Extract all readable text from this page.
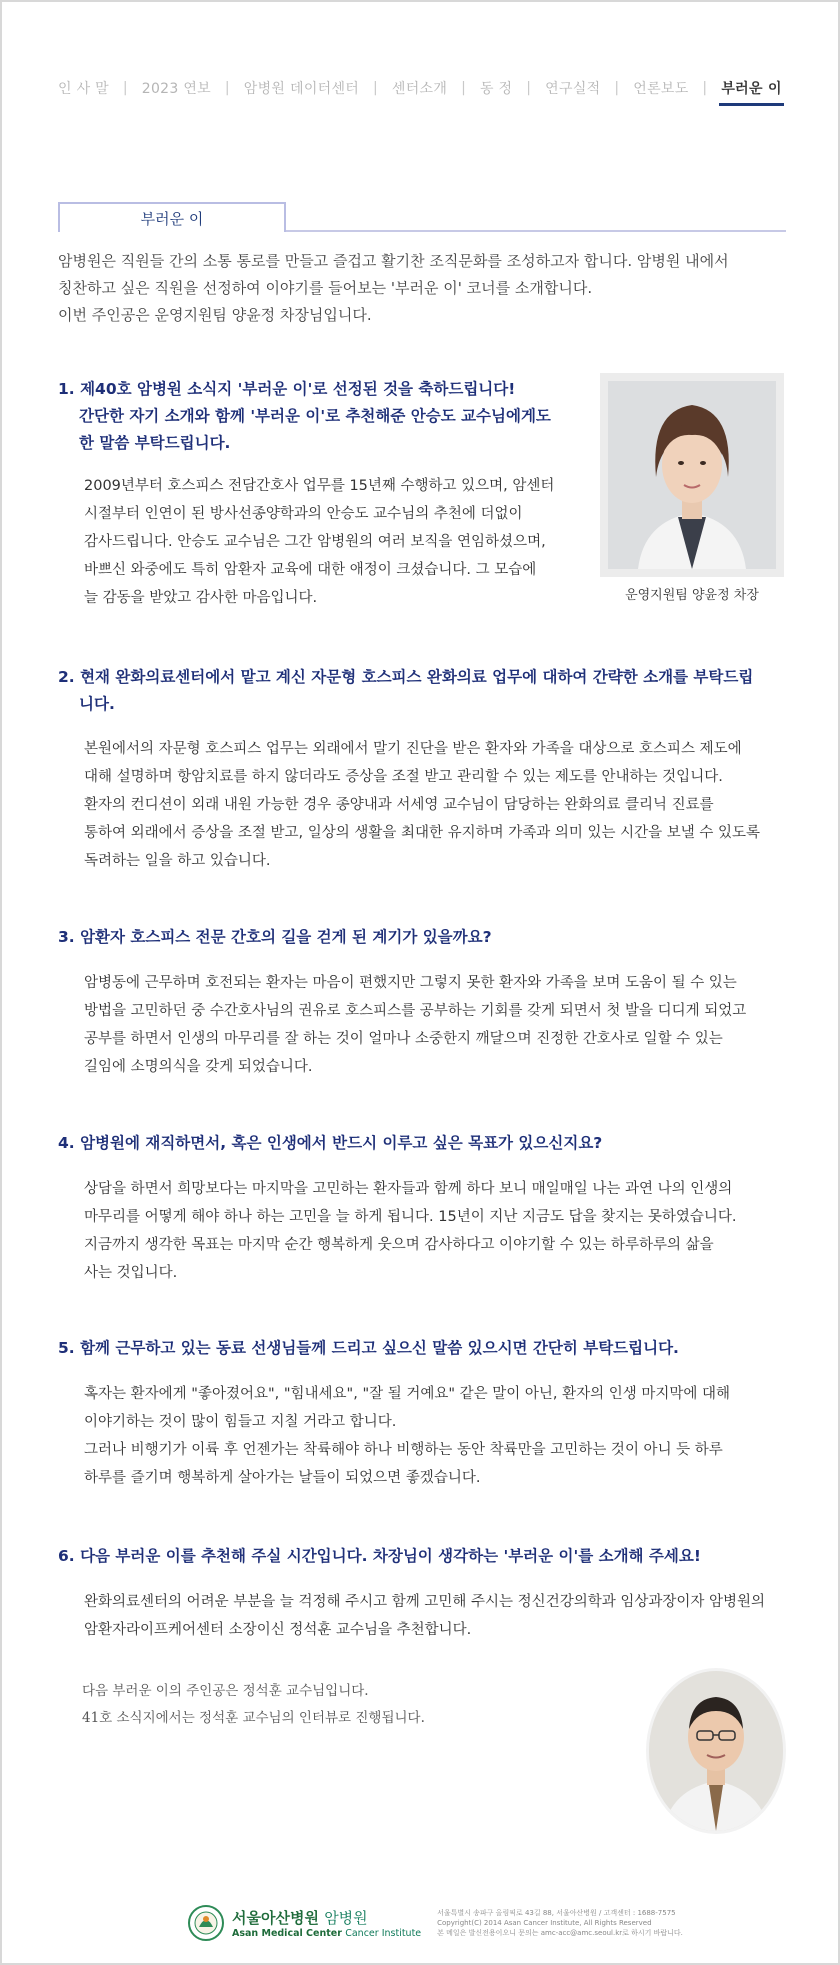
인 사 말 | 2023 연보 | 암병원 데이터센터 | 센터소개 | 동 정 | 연구실적 | 언론보도 | 부러운 이
부러운 이
암병원은 직원들 간의 소통 통로를 만들고 즐겁고 활기찬 조직문화를 조성하고자 합니다. 암병원 내에서
칭찬하고 싶은 직원을 선정하여 이야기를 들어보는 '부러운 이' 코너를 소개합니다.
이번 주인공은 운영지원팀 양윤정 차장님입니다.
1. 제40호 암병원 소식지 '부러운 이'로 선정된 것을 축하드립니다!
간단한 자기 소개와 함께 '부러운 이'로 추천해준 안승도 교수님에게도
한 말씀 부탁드립니다.
2009년부터 호스피스 전담간호사 업무를 15년째 수행하고 있으며, 암센터
시절부터 인연이 된 방사선종양학과의 안승도 교수님의 추천에 더없이
감사드립니다. 안승도 교수님은 그간 암병원의 여러 보직을 연임하셨으며,
바쁘신 와중에도 특히 암환자 교육에 대한 애정이 크셨습니다. 그 모습에
늘 감동을 받았고 감사한 마음입니다.	운영지원팀 양윤정 차장
2. 현재 완화의료센터에서 맡고 계신 자문형 호스피스 완화의료 업무에 대하여 간략한 소개를 부탁드립
니다.
본원에서의 자문형 호스피스 업무는 외래에서 말기 진단을 받은 환자와 가족을 대상으로 호스피스 제도에
대해 설명하며 항암치료를 하지 않더라도 증상을 조절 받고 관리할 수 있는 제도를 안내하는 것입니다.
환자의 컨디션이 외래 내원 가능한 경우 종양내과 서세영 교수님이 담당하는 완화의료 클리닉 진료를
통하여 외래에서 증상을 조절 받고, 일상의 생활을 최대한 유지하며 가족과 의미 있는 시간을 보낼 수 있도록
독려하는 일을 하고 있습니다.
3. 암환자 호스피스 전문 간호의 길을 걷게 된 계기가 있을까요?
암병동에 근무하며 호전되는 환자는 마음이 편했지만 그렇지 못한 환자와 가족을 보며 도움이 될 수 있는
방법을 고민하던 중 수간호사님의 권유로 호스피스를 공부하는 기회를 갖게 되면서 첫 발을 디디게 되었고
공부를 하면서 인생의 마무리를 잘 하는 것이 얼마나 소중한지 깨달으며 진정한 간호사로 일할 수 있는
길임에 소명의식을 갖게 되었습니다.
4. 암병원에 재직하면서, 혹은 인생에서 반드시 이루고 싶은 목표가 있으신지요?
상담을 하면서 희망보다는 마지막을 고민하는 환자들과 함께 하다 보니 매일매일 나는 과연 나의 인생의
마무리를 어떻게 해야 하나 하는 고민을 늘 하게 됩니다. 15년이 지난 지금도 답을 찾지는 못하였습니다.
지금까지 생각한 목표는 마지막 순간 행복하게 웃으며 감사하다고 이야기할 수 있는 하루하루의 삶을
사는 것입니다.
5. 함께 근무하고 있는 동료 선생님들께 드리고 싶으신 말씀 있으시면 간단히 부탁드립니다.
혹자는 환자에게 "좋아졌어요", "힘내세요", "잘 될 거예요" 같은 말이 아닌, 환자의 인생 마지막에 대해
이야기하는 것이 많이 힘들고 지칠 거라고 합니다.
그러나 비행기가 이륙 후 언젠가는 착륙해야 하나 비행하는 동안 착륙만을 고민하는 것이 아니 듯 하루
하루를 즐기며 행복하게 살아가는 날들이 되었으면 좋겠습니다.
6. 다음 부러운 이를 추천해 주실 시간입니다. 차장님이 생각하는 '부러운 이'를 소개해 주세요!
완화의료센터의 어려운 부분을 늘 걱정해 주시고 함께 고민해 주시는 정신건강의학과 임상과장이자 암병원의
암환자라이프케어센터 소장이신 정석훈 교수님을 추천합니다.
다음 부러운 이의 주인공은 정석훈 교수님입니다.
41호 소식지에서는 정석훈 교수님의 인터뷰로 진행됩니다.
서울아산병원 암병원
Asan Medical Center Cancer Institute
서울특별시 송파구 올림픽로 43길 88, 서울아산병원 / 고객센터 : 1688-7575
Copyright(C) 2014 Asan Cancer Institute, All Rights Reserved
본 메일은 발신전용이오니 문의는 amc-acc@amc.seoul.kr로 하시기 바랍니다.
